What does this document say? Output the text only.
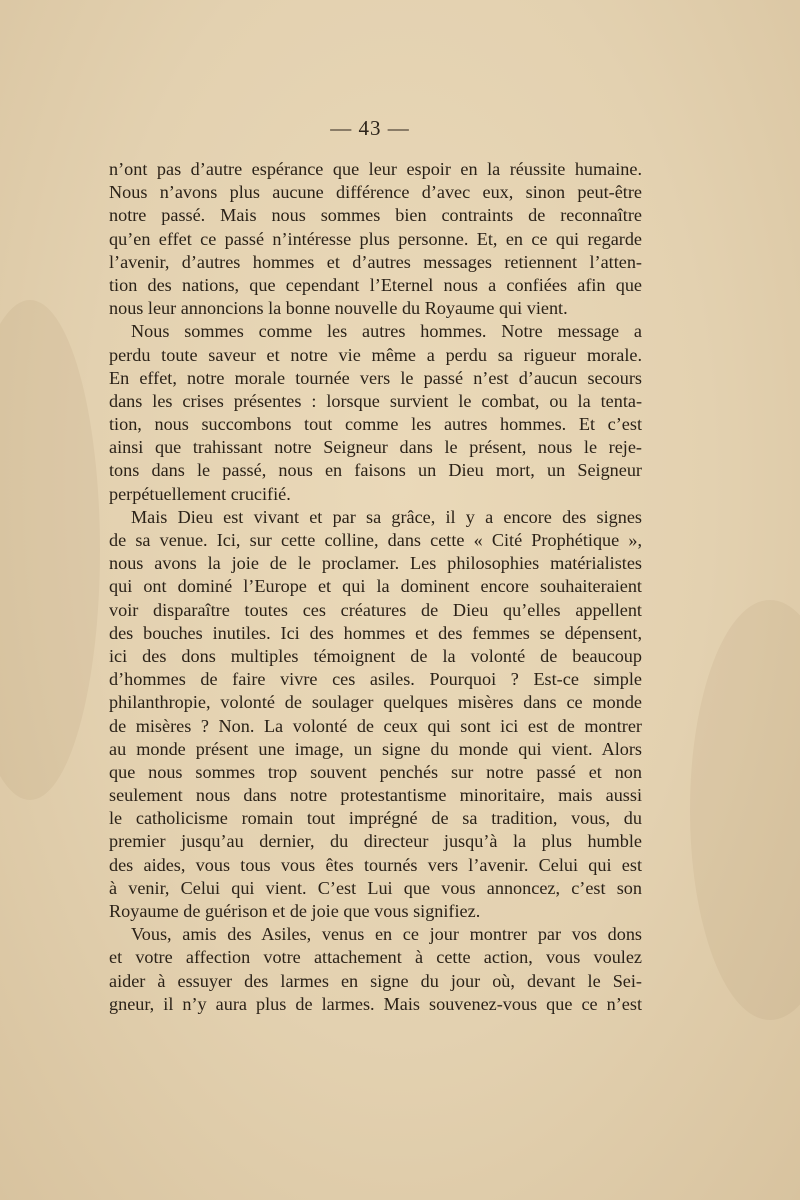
— 43 —
n’ont pas d’autre espérance que leur espoir en la réussite humaine.
Nous n’avons plus aucune différence d’avec eux, sinon peut-être
notre passé. Mais nous sommes bien contraints de reconnaître
qu’en effet ce passé n’intéresse plus personne. Et, en ce qui regarde
l’avenir, d’autres hommes et d’autres messages retiennent l’atten-
tion des nations, que cependant l’Eternel nous a confiées afin que
nous leur annoncions la bonne nouvelle du Royaume qui vient.
Nous sommes comme les autres hommes. Notre message a
perdu toute saveur et notre vie même a perdu sa rigueur morale.
En effet, notre morale tournée vers le passé n’est d’aucun secours
dans les crises présentes : lorsque survient le combat, ou la tenta-
tion, nous succombons tout comme les autres hommes. Et c’est
ainsi que trahissant notre Seigneur dans le présent, nous le reje-
tons dans le passé, nous en faisons un Dieu mort, un Seigneur
perpétuellement crucifié.
Mais Dieu est vivant et par sa grâce, il y a encore des signes
de sa venue. Ici, sur cette colline, dans cette « Cité Prophétique »,
nous avons la joie de le proclamer. Les philosophies matérialistes
qui ont dominé l’Europe et qui la dominent encore souhaiteraient
voir disparaître toutes ces créatures de Dieu qu’elles appellent
des bouches inutiles. Ici des hommes et des femmes se dépensent,
ici des dons multiples témoignent de la volonté de beaucoup
d’hommes de faire vivre ces asiles. Pourquoi ? Est-ce simple
philanthropie, volonté de soulager quelques misères dans ce monde
de misères ? Non. La volonté de ceux qui sont ici est de montrer
au monde présent une image, un signe du monde qui vient. Alors
que nous sommes trop souvent penchés sur notre passé et non
seulement nous dans notre protestantisme minoritaire, mais aussi
le catholicisme romain tout imprégné de sa tradition, vous, du
premier jusqu’au dernier, du directeur jusqu’à la plus humble
des aides, vous tous vous êtes tournés vers l’avenir. Celui qui est
à venir, Celui qui vient. C’est Lui que vous annoncez, c’est son
Royaume de guérison et de joie que vous signifiez.
Vous, amis des Asiles, venus en ce jour montrer par vos dons
et votre affection votre attachement à cette action, vous voulez
aider à essuyer des larmes en signe du jour où, devant le Sei-
gneur, il n’y aura plus de larmes. Mais souvenez-vous que ce n’est
